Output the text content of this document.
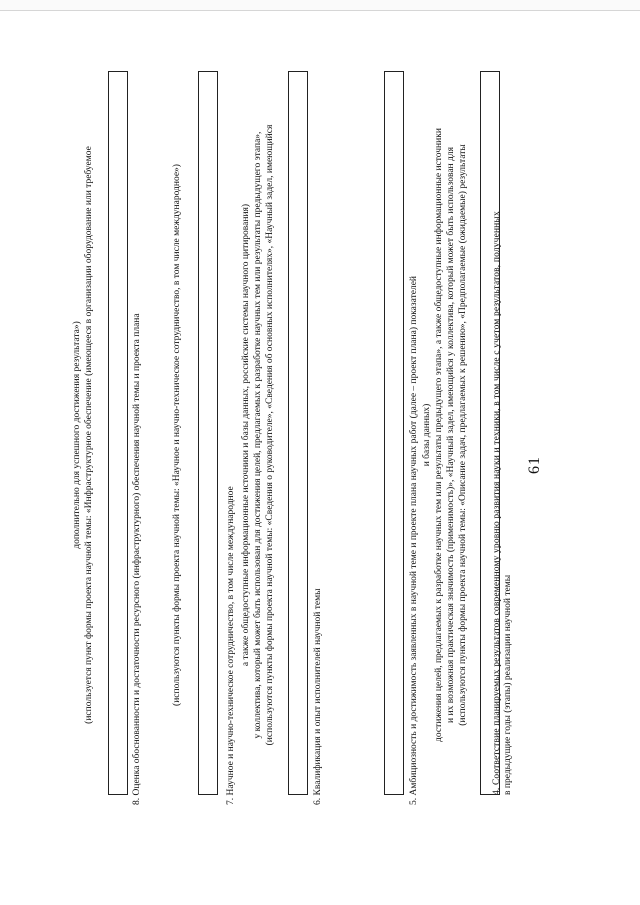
61
4. Соответствие планируемых результатов современному уровню развития науки и техники, в том числе с учетом результатов, полученных в предыдущие годы (этапы) реализации научной темы
(используются пункты формы проекта научной темы: «Описание задач, предлагаемых к решению», «Предполагаемые (ожидаемые) результаты
и их возможная практическая значимость (применимость)», «Научный задел, имеющийся у коллектива, который может быть использован для
достижения целей, предлагаемых к разработке научных тем или результаты предыдущего этапа», а также общедоступные информационные источники
и базы данных)
5. Амбициозность и достижимость заявленных в научной теме и проекте плана научных работ (далее – проект плана) показателей
6. Квалификация и опыт исполнителей научной темы
(используются пункты формы проекта научной темы: «Сведения о руководителе», «Сведения об основных исполнителях», «Научный задел, имеющийся
у коллектива, который может быть использован для достижения целей, предлагаемых к разработке научных тем или результаты предыдущего этапа»,
а также общедоступные информационные источники и базы данных, российские системы научного цитирования)
7. Научное и научно-техническое сотрудничество, в том числе международное
(используются пункты формы проекта научной темы: «Научное и научно-техническое сотрудничество, в том числе международное»)
8. Оценка обоснованности и достаточности ресурсного (инфраструктурного) обеспечения научной темы и проекта плана
(используется пункт формы проекта научной темы: «Инфраструктурное обеспечение (имеющееся в организации оборудование или требуемое
дополнительно для успешного достижения результата»)
